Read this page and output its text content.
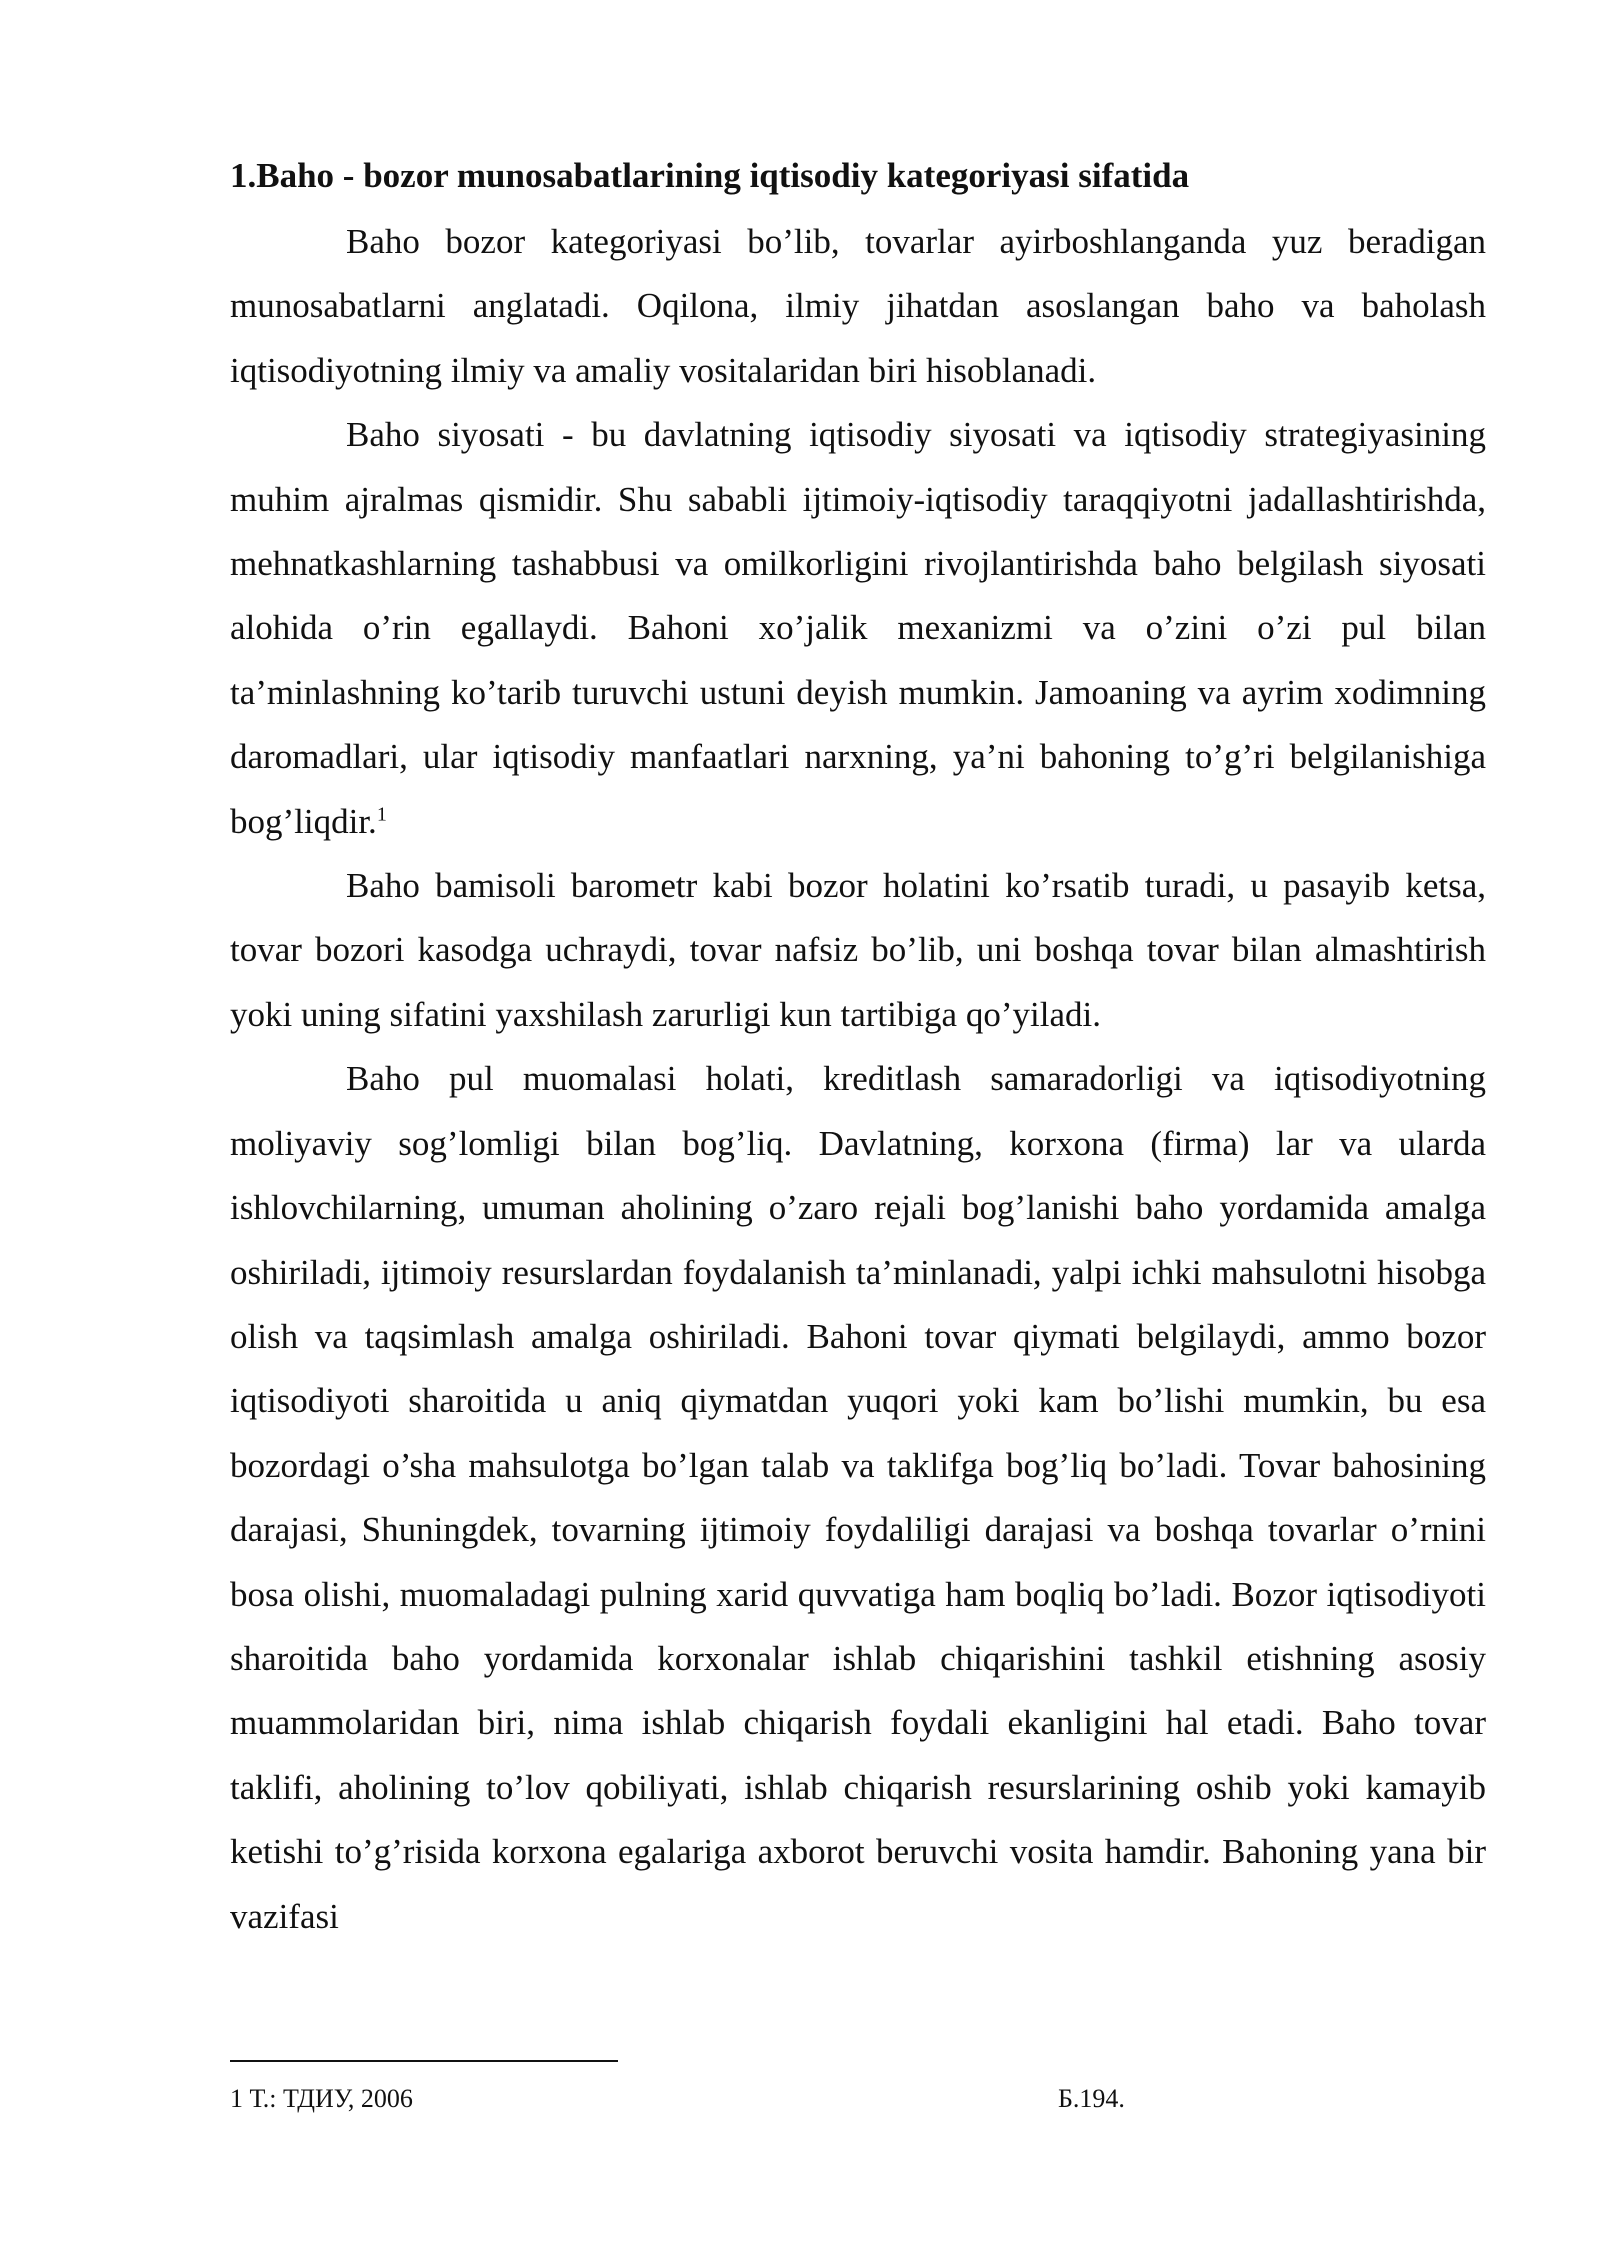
1.Baho - bozor munosabatlarining iqtisodiy kategoriyasi sifatida

Baho bozor kategoriyasi bo’lib, tovarlar ayirboshlanganda yuz beradigan munosabatlarni anglatadi. Oqilona, ilmiy jihatdan asoslangan baho va baholash iqtisodiyotning ilmiy va amaliy vositalaridan biri hisoblanadi.

Baho siyosati - bu davlatning iqtisodiy siyosati va iqtisodiy strategiyasining muhim ajralmas qismidir. Shu sababli ijtimoiy-iqtisodiy taraqqiyotni jadallashtirishda, mehnatkashlarning tashabbusi va omilkorligini rivojlantirishda baho belgilash siyosati alohida o’rin egallaydi. Bahoni xo’jalik mexanizmi va o’zini o’zi pul bilan ta’minlashning ko’tarib turuvchi ustuni deyish mumkin. Jamoaning va ayrim xodimning daromadlari, ular iqtisodiy manfaatlari narxning, ya’ni bahoning to’g’ri belgilanishiga bog’liqdir.$^1$

Baho bamisoli barometr kabi bozor holatini ko’rsatib turadi, u pasayib ketsa, tovar bozori kasodga uchraydi, tovar nafsiz bo’lib, uni boshqa tovar bilan almashtirish yoki uning sifatini yaxshilash zarurligi kun tartibiga qo’yiladi.

Baho pul muomalasi holati, kreditlash samaradorligi va iqtisodiyotning moliyaviy sog’lomligi bilan bog’liq. Davlatning, korxona (firma) lar va ularda ishlovchilarning, umuman aholining o’zaro rejali bog’lanishi baho yordamida amalga oshiriladi, ijtimoiy resurslardan foydalanish ta’minlanadi, yalpi ichki mahsulotni hisobga olish va taqsimlash amalga oshiriladi. Bahoni tovar qiymati belgilaydi, ammo bozor iqtisodiyoti sharoitida u aniq qiymatdan yuqori yoki kam bo’lishi mumkin, bu esa bozordagi o’sha mahsulotga bo’lgan talab va taklifga bog’liq bo’ladi. Tovar bahosining darajasi, Shuningdek, tovarning ijtimoiy foydaliligi darajasi va boshqa tovarlar o’rnini bosa olishi, muomaladagi pulning xarid quvvatiga ham boqliq bo’ladi. Bozor iqtisodiyoti sharoitida baho yordamida korxonalar ishlab chiqarishini tashkil etishning asosiy muammolaridan biri, nima ishlab chiqarish foydali ekanligini hal etadi. Baho tovar taklifi, aholining to’lov qobiliyati, ishlab chiqarish resurslarining oshib yoki kamayib ketishi to’g’risida korxona egalariga axborot beruvchi vosita hamdir. Bahoning yana bir vazifasi

1 Т.: ТДИУ, 2006	Б.194.
